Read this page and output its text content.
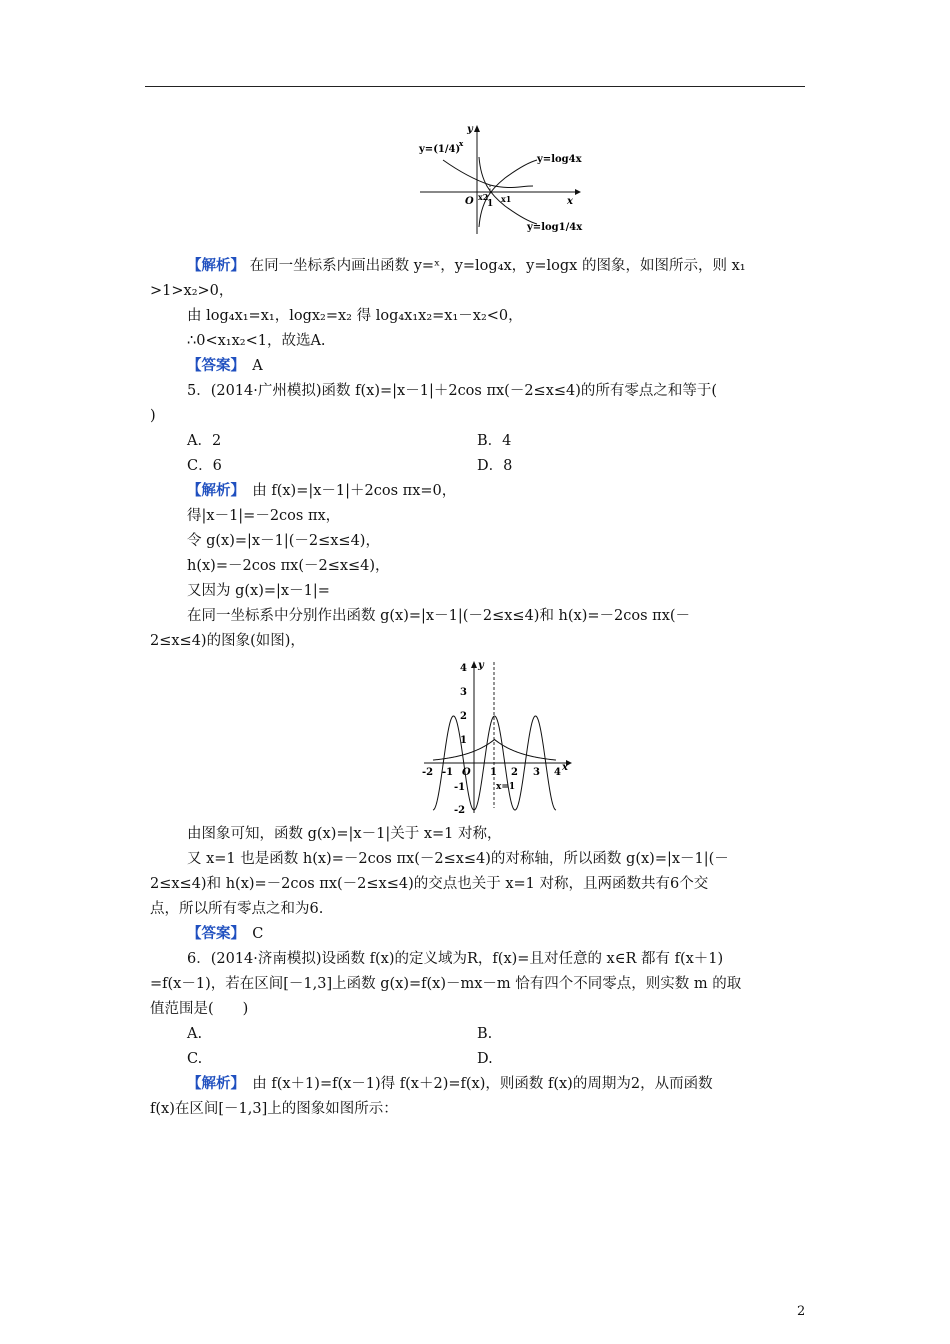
y=(1/4)
x
y=log4x
y=log1/4x
x
y
O x2
1 x1
y
x
O
x=1
4
3
2
1
-1
-2
-2 -1	1 2 3 4
【解析】 在同一坐标系内画出函数 y=ˣ，y=log₄x，y=logx 的图象，如图所示，则 x₁
>1>x₂>0，
由 log₄x₁=x₁，logx₂=x₂ 得 log₄x₁x₂=x₁－x₂<0，
∴0<x₁x₂<1，故选A.
【答案】　 A
5．(2014·广州模拟)函数 f(x)=|x－1|＋2cos πx(－2≤x≤4)的所有零点之和等于(
)
A．2	B．4
C．6	D．8
【解析】　 由 f(x)=|x－1|＋2cos πx=0，
得|x－1|=－2cos πx，
令 g(x)=|x－1|(－2≤x≤4)，
h(x)=－2cos πx(－2≤x≤4)，
又因为 g(x)=|x－1|=
在同一坐标系中分别作出函数 g(x)=|x－1|(－2≤x≤4)和 h(x)=－2cos πx(－
2≤x≤4)的图象(如图)，
由图象可知，函数 g(x)=|x－1|关于 x=1 对称，
又 x=1 也是函数 h(x)=－2cos πx(－2≤x≤4)的对称轴，所以函数 g(x)=|x－1|(－
2≤x≤4)和 h(x)=－2cos πx(－2≤x≤4)的交点也关于 x=1 对称，且两函数共有6个交
点，所以所有零点之和为6.
【答案】　 C
6．(2014·济南模拟)设函数 f(x)的定义域为R，f(x)=且对任意的 x∈R 都有 f(x＋1)
=f(x－1)，若在区间[－1,3]上函数 g(x)=f(x)－mx－m 恰有四个不同零点，则实数 m 的取
值范围是(　　)
A.	B.
C.	D.
【解析】　 由 f(x＋1)=f(x－1)得 f(x＋2)=f(x)，则函数 f(x)的周期为2，从而函数
f(x)在区间[－1,3]上的图象如图所示：
2
